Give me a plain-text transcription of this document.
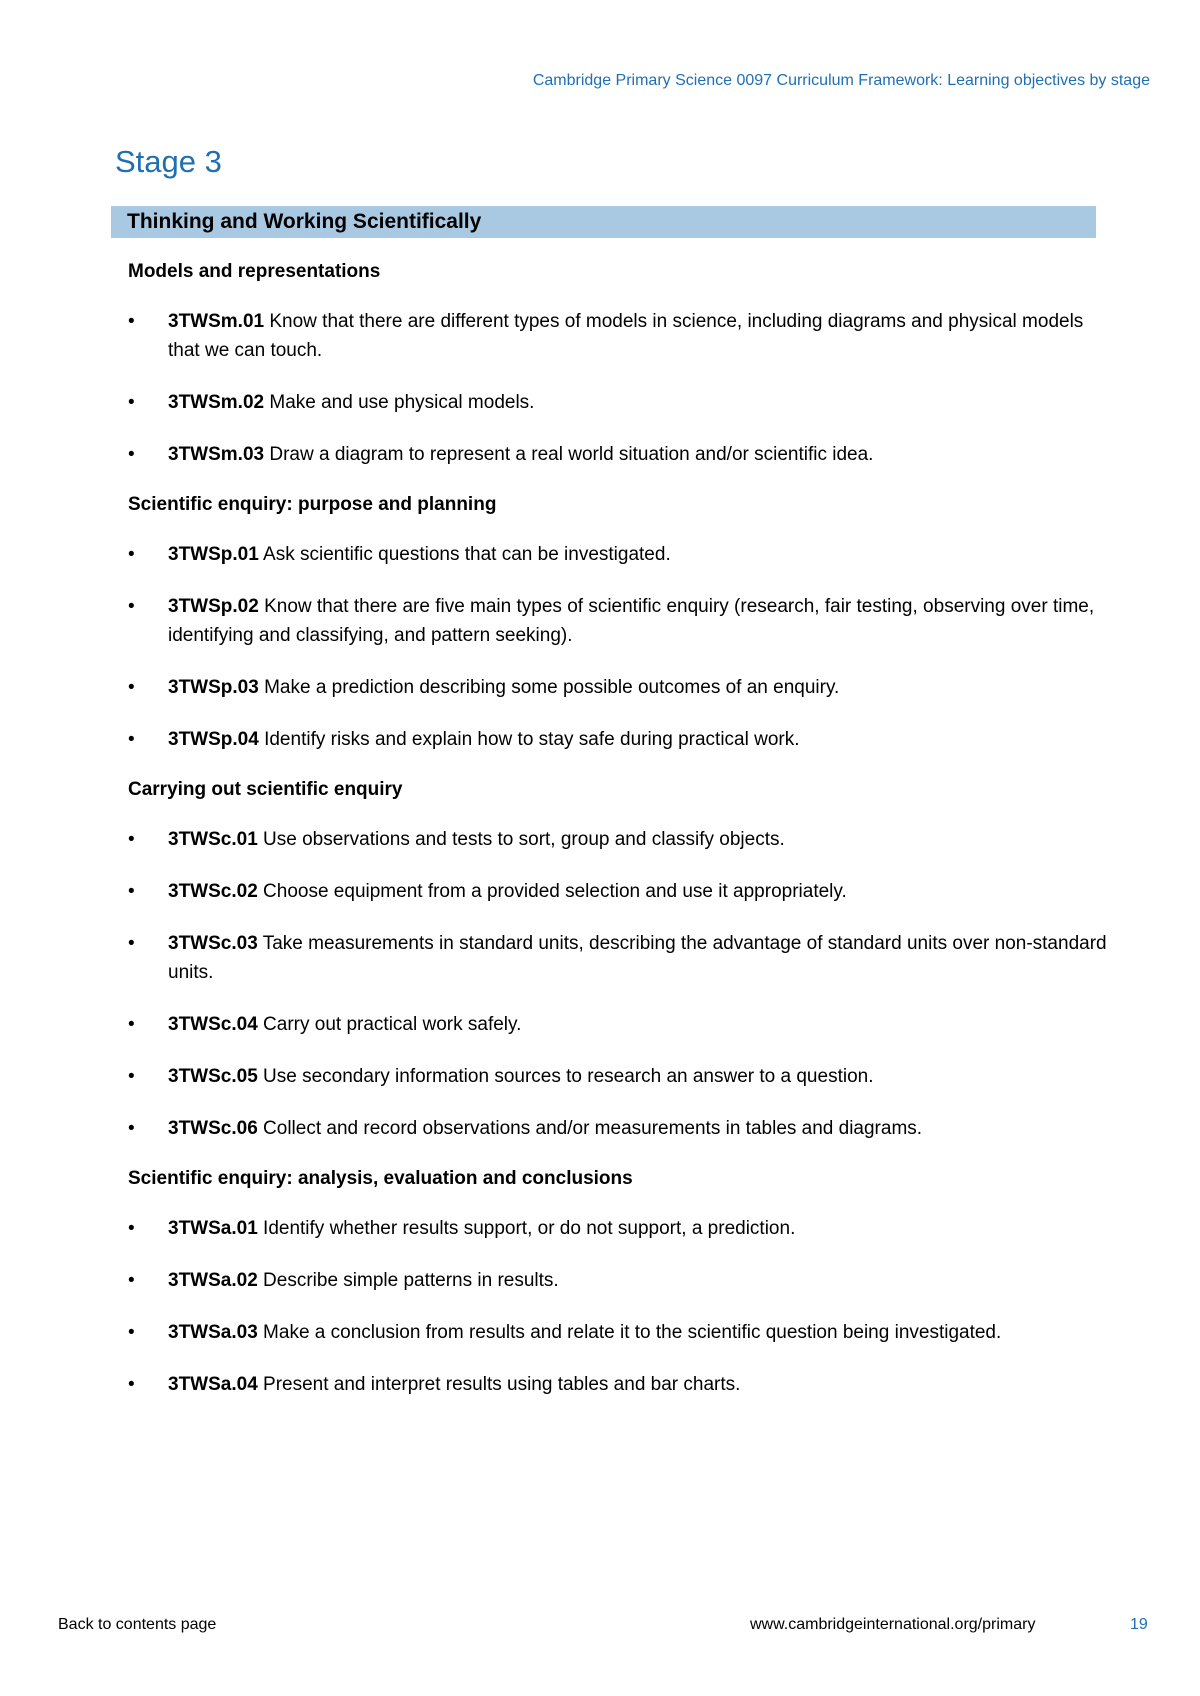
Cambridge Primary Science 0097 Curriculum Framework: Learning objectives by stage
Stage 3
Thinking and Working Scientifically
Models and representations
• 3TWSm.01 Know that there are different types of models in science, including diagrams and physical models that we can touch.
• 3TWSm.02 Make and use physical models.
• 3TWSm.03 Draw a diagram to represent a real world situation and/or scientific idea.
Scientific enquiry: purpose and planning
• 3TWSp.01 Ask scientific questions that can be investigated.
• 3TWSp.02 Know that there are five main types of scientific enquiry (research, fair testing, observing over time, identifying and classifying, and pattern seeking).
• 3TWSp.03 Make a prediction describing some possible outcomes of an enquiry.
• 3TWSp.04 Identify risks and explain how to stay safe during practical work.
Carrying out scientific enquiry
• 3TWSc.01 Use observations and tests to sort, group and classify objects.
• 3TWSc.02 Choose equipment from a provided selection and use it appropriately.
• 3TWSc.03 Take measurements in standard units, describing the advantage of standard units over non-standard units.
• 3TWSc.04 Carry out practical work safely.
• 3TWSc.05 Use secondary information sources to research an answer to a question.
• 3TWSc.06 Collect and record observations and/or measurements in tables and diagrams.
Scientific enquiry: analysis, evaluation and conclusions
• 3TWSa.01 Identify whether results support, or do not support, a prediction.
• 3TWSa.02 Describe simple patterns in results.
• 3TWSa.03 Make a conclusion from results and relate it to the scientific question being investigated.
• 3TWSa.04 Present and interpret results using tables and bar charts.
Back to contents page	www.cambridgeinternational.org/primary	19
